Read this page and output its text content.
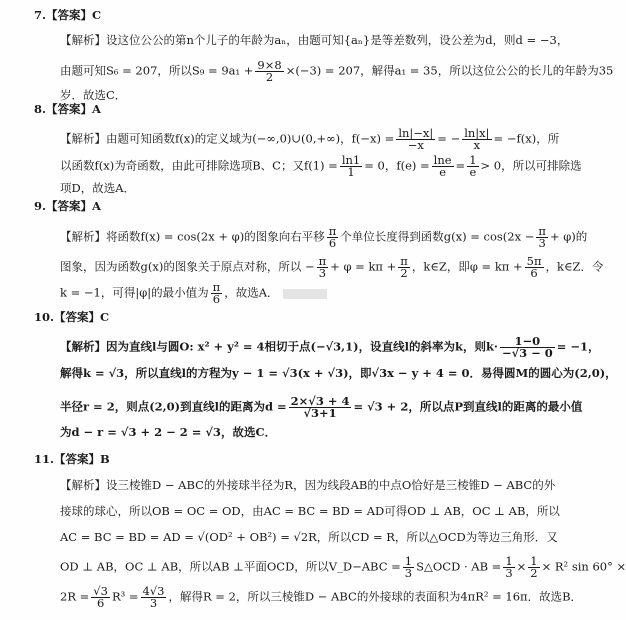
7.【答案】C
【解析】设这位公公的第n个儿子的年龄为aₙ，由题可知{aₙ}是等差数列，设公差为d，则d = −3，
由题可知S₆ = 207，所以$S_9 = 9a_1 + \frac{9\times 8}{2} \times(-3) = 207$，解得a₁ = 35，所以这位公公的长儿的年龄为35
岁．故选C．
8.【答案】A
【解析】由题可知函数f(x)的定义域为(−∞,0)∪(0,+∞)，$f(-x) = \frac{\ln|-x|}{-x}$ = − $\frac{\ln|x|}{x} = -f(x)$，所
以函数f(x)为奇函数，由此可排除选项B、C；又$f(1) = \frac{\ln 1}{1} = 0$，$f(e) = \frac{\ln e}{e} = \frac{1}{e} > 0$，所以可排除选
项D，故选A．
9.【答案】A
【解析】将函数f(x) = cos(2x + φ)的图象向右平移 $\frac{\pi}{6}$ 个单位长度得到函数$g(x) = \cos(2x - \frac{\pi}{3} + \varphi)$的
图象，因为函数g(x)的图象关于原点对称，所以 − $\frac{\pi}{3} + \varphi = k\pi + \frac{\pi}{2}$ ，k∈Z，即$\varphi = k\pi + \frac{5\pi}{6}$ ，k∈Z．令
k = −1，可得|φ|的最小值为 $\frac{\pi}{6}$ ，故选A．
10.【答案】C
【解析】因为直线l与圆O: x² + y² = 4相切于点(−√3,1)，设直线l的斜率为k，则$k\cdot \frac{1-0}{-√3 - 0} = -1$，
解得k = √3，所以直线l的方程为y − 1 = √3(x + √3)，即√3x − y + 4 = 0．易得圆M的圆心为(2,0)，
半径r = 2，则点(2,0)到直线l的距离为$d = \frac{2\times√3 + 4}{√3+1} = √3 + 2$，所以点P到直线l的距离的最小值
为d − r = √3 + 2 − 2 = √3，故选C．
11.【答案】B
【解析】设三棱锥D − ABC的外接球半径为R，因为线段AB的中点O恰好是三棱锥D − ABC的外
接球的球心，所以OB = OC = OD，由AC = BC = BD = AD可得OD ⊥ AB，OC ⊥ AB，所以
AC = BC = BD = AD = √(OD² + OB²) = √2R，所以CD = R，所以△OCD为等边三角形．又
OD ⊥ AB，OC ⊥ AB，所以AB ⊥平面OCD，所以V_D−ABC = $\frac{1}{3}$ S△OCD · AB = $\frac{1}{3} \times \frac{1}{2} \times R^2$ sin 60° ×
$2R = \frac{√3}{6} R^3 = \frac{4√3}{3}$ ，解得R = 2，所以三棱锥D − ABC的外接球的表面积为4πR² = 16π．故选B．
